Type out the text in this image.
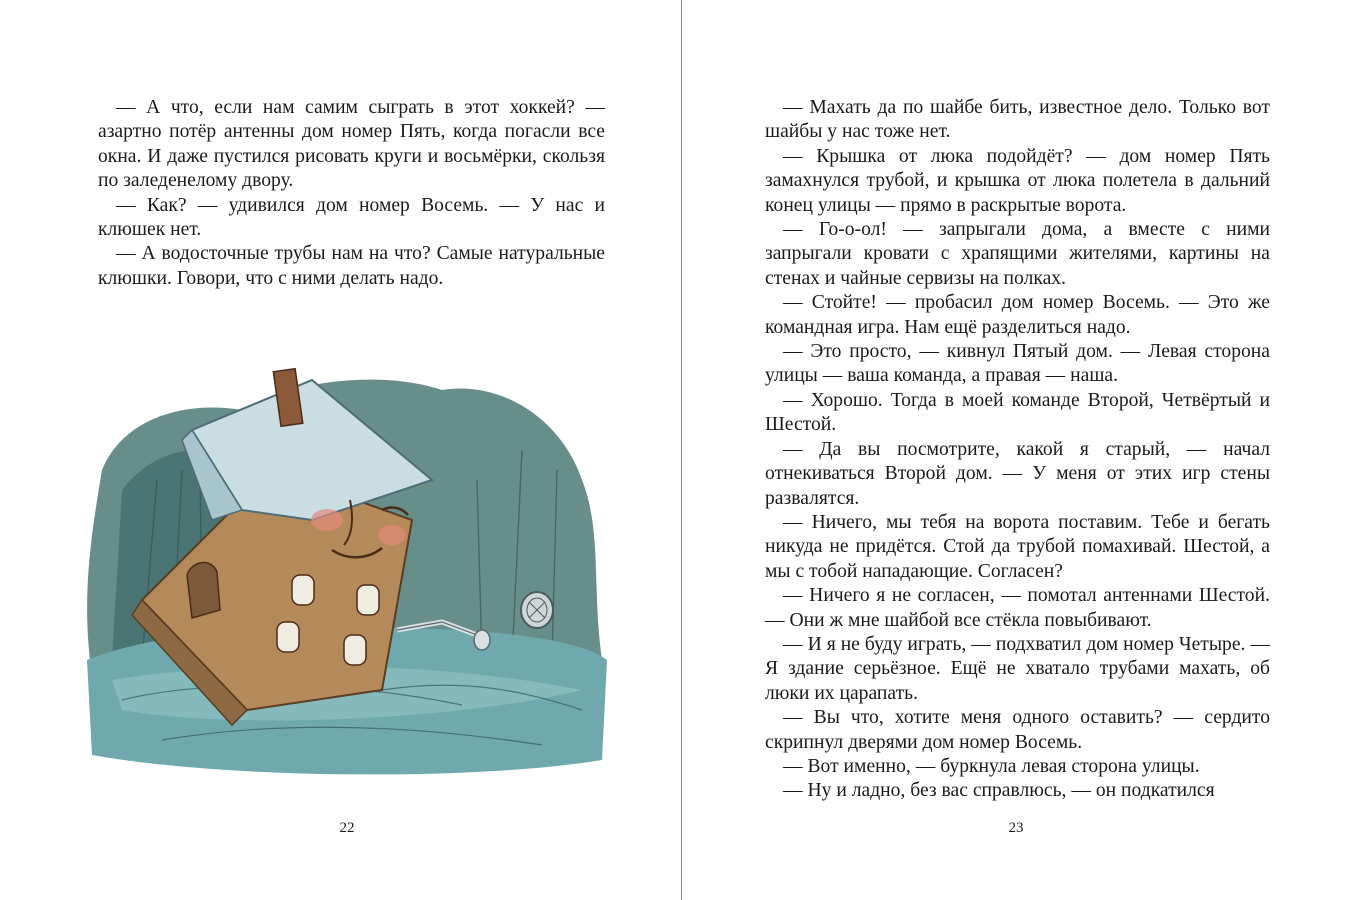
— А что, если нам самим сыграть в этот хоккей? — азартно потёр антенны дом номер Пять, когда погасли все окна. И даже пустился рисовать круги и восьмёрки, скользя по заледенелому двору.

— Как? — удивился дом номер Восемь. — У нас и клюшек нет.

— А водосточные трубы нам на что? Самые натуральные клюшки. Говори, что с ними делать надо.

22

— Махать да по шайбе бить, известное дело. Только вот шайбы у нас тоже нет.

— Крышка от люка подойдёт? — дом номер Пять замахнулся трубой, и крышка от люка полетела в дальний конец улицы — прямо в раскрытые ворота.

— Го-о-ол! — запрыгали дома, а вместе с ними запрыгали кровати с храпящими жителями, картины на стенах и чайные сервизы на полках.

— Стойте! — пробасил дом номер Восемь. — Это же командная игра. Нам ещё разделиться надо.

— Это просто, — кивнул Пятый дом. — Левая сторона улицы — ваша команда, а правая — наша.

— Хорошо. Тогда в моей команде Второй, Четвёртый и Шестой.

— Да вы посмотрите, какой я старый, — начал отнекиваться Второй дом. — У меня от этих игр стены развалятся.

— Ничего, мы тебя на ворота поставим. Тебе и бегать никуда не придётся. Стой да трубой помахивай. Шестой, а мы с тобой нападающие. Согласен?

— Ничего я не согласен, — помотал антеннами Шестой. — Они ж мне шайбой все стёкла повыбивают.

— И я не буду играть, — подхватил дом номер Четыре. — Я здание серьёзное. Ещё не хватало трубами махать, об люки их царапать.

— Вы что, хотите меня одного оставить? — сердито скрипнул дверями дом номер Восемь.

— Вот именно, — буркнула левая сторона улицы.

— Ну и ладно, без вас справлюсь, — он подкатился

23
